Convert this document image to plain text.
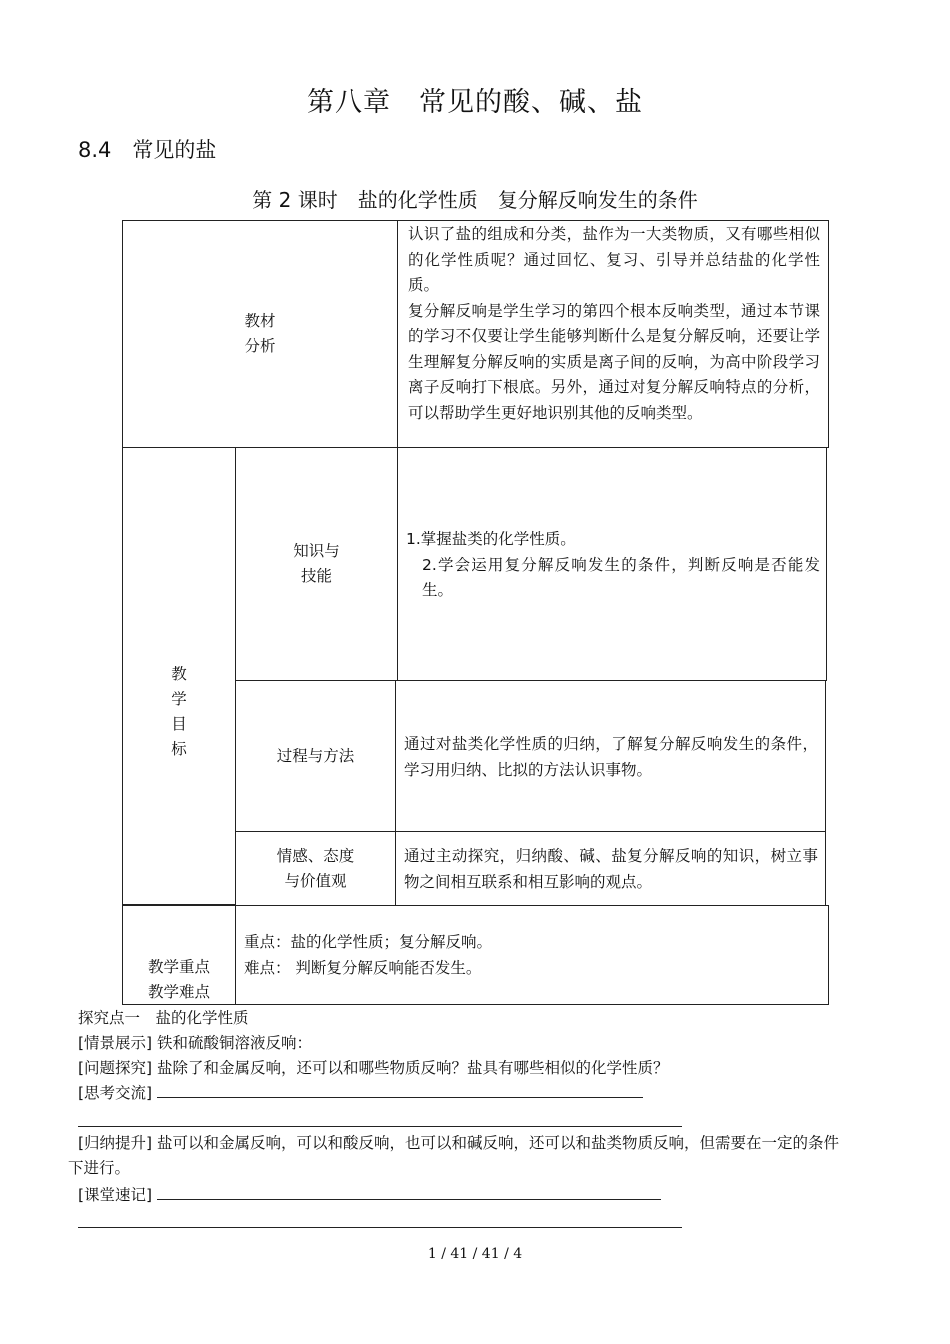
第八章　常见的酸、碱、盐
8.4　常见的盐
第 2 课时　盐的化学性质　复分解反响发生的条件
教材
分析
认识了盐的组成和分类，盐作为一大类物质，又有哪些相似的化学性质呢？通过回忆、复习、引导并总结盐的化学性质。
复分解反响是学生学习的第四个根本反响类型，通过本节课的学习不仅要让学生能够判断什么是复分解反响，还要让学生理解复分解反响的实质是离子间的反响，为高中阶段学习离子反响打下根底。另外，通过对复分解反响特点的分析，可以帮助学生更好地识别其他的反响类型。
教
学
目
标
知识与
技能
1.掌握盐类的化学性质。
2.学会运用复分解反响发生的条件，判断反响是否能发生。
过程与方法
通过对盐类化学性质的归纳，了解复分解反响发生的条件，学习用归纳、比拟的方法认识事物。
情感、态度
与价值观
通过主动探究，归纳酸、碱、盐复分解反响的知识，树立事物之间相互联系和相互影响的观点。
教学重点
教学难点
重点：盐的化学性质；复分解反响。
难点： 判断复分解反响能否发生。
探究点一　盐的化学性质
[情景展示] 铁和硫酸铜溶液反响：
[问题探究] 盐除了和金属反响，还可以和哪些物质反响？盐具有哪些相似的化学性质？
[思考交流]
[归纳提升] 盐可以和金属反响，可以和酸反响，也可以和碱反响，还可以和盐类物质反响，但需要在一定的条件
下进行。
[课堂速记]
1 / 41 / 41 / 4
